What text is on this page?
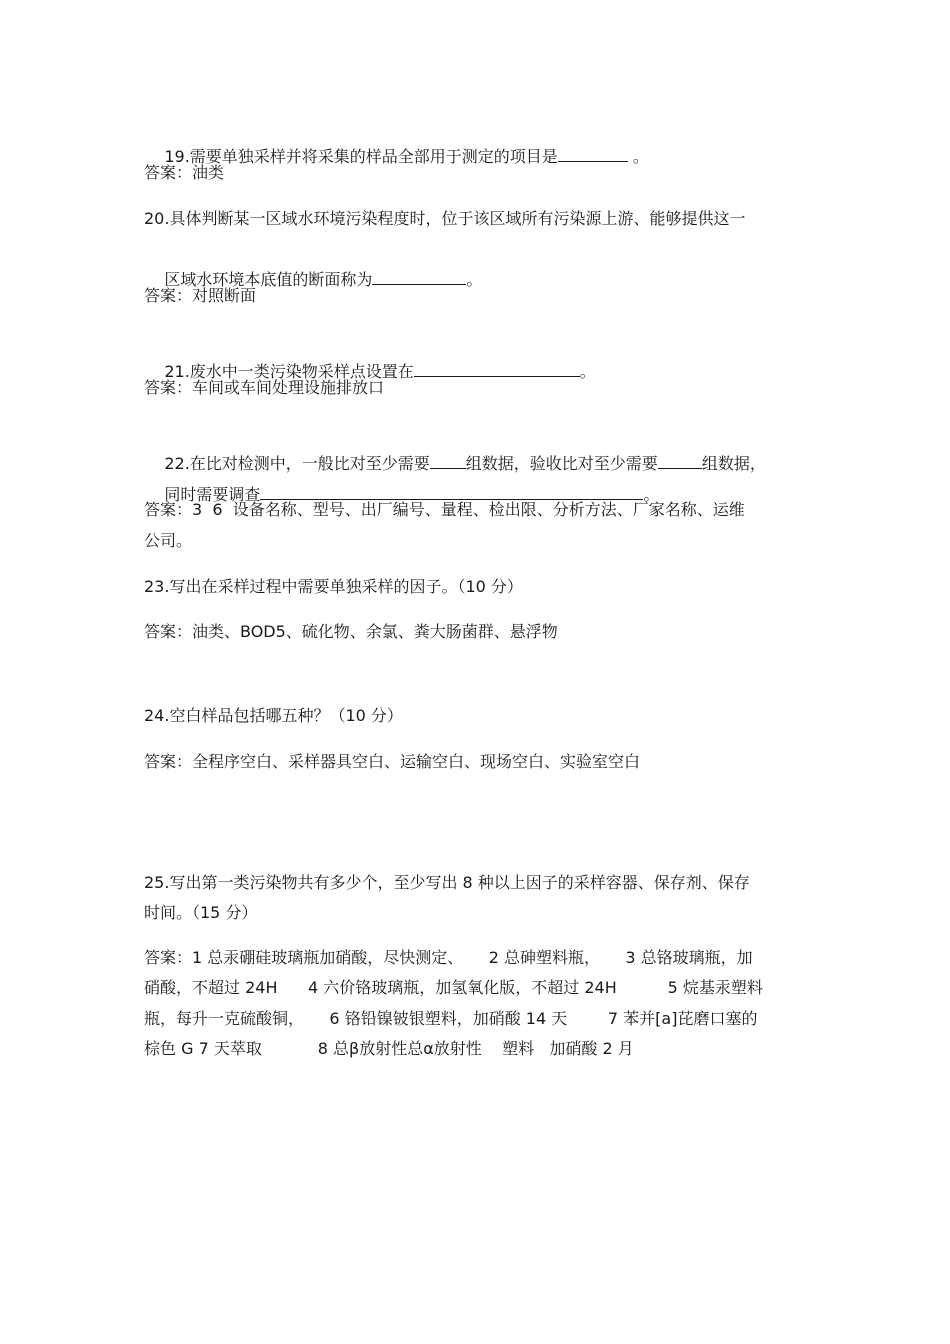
19.需要单独采样并将采集的样品全部用于测定的项目是	。

答案：油类
20.具体判断某一区域水环境污染程度时，位于该区域所有污染源上游、能够提供这一

区域水环境本底值的断面称为	。

答案：对照断面

21.废水中一类污染物采样点设置在	。

答案：车间或车间处理设施排放口

22.在比对检测中，一般比对至少需要 组数据，验收比对至少需要	组数据，

同时需要调查	。

答案：3  6  设备名称、型号、出厂编号、量程、检出限、分析方法、厂家名称、运维
公司。
23.写出在采样过程中需要单独采样的因子。（10 分）
答案：油类、BOD5、硫化物、余氯、粪大肠菌群、悬浮物
24.空白样品包括哪五种？（10 分）
答案：全程序空白、采样器具空白、运输空白、现场空白、实验室空白
25.写出第一类污染物共有多少个，至少写出 8 种以上因子的采样容器、保存剂、保存
时间。（15 分）
答案：1 总汞硼硅玻璃瓶加硝酸，尽快测定、     2 总砷塑料瓶，     3 总铬玻璃瓶，加
硝酸，不超过 24H      4 六价铬玻璃瓶，加氢氧化版，不超过 24H          5 烷基汞塑料
瓶，每升一克硫酸铜，     6 铬铅镍铍银塑料，加硝酸 14 天        7 苯并[a]芘磨口塞的
棕色 G 7 天萃取           8 总β放射性总α放射性    塑料   加硝酸 2 月
